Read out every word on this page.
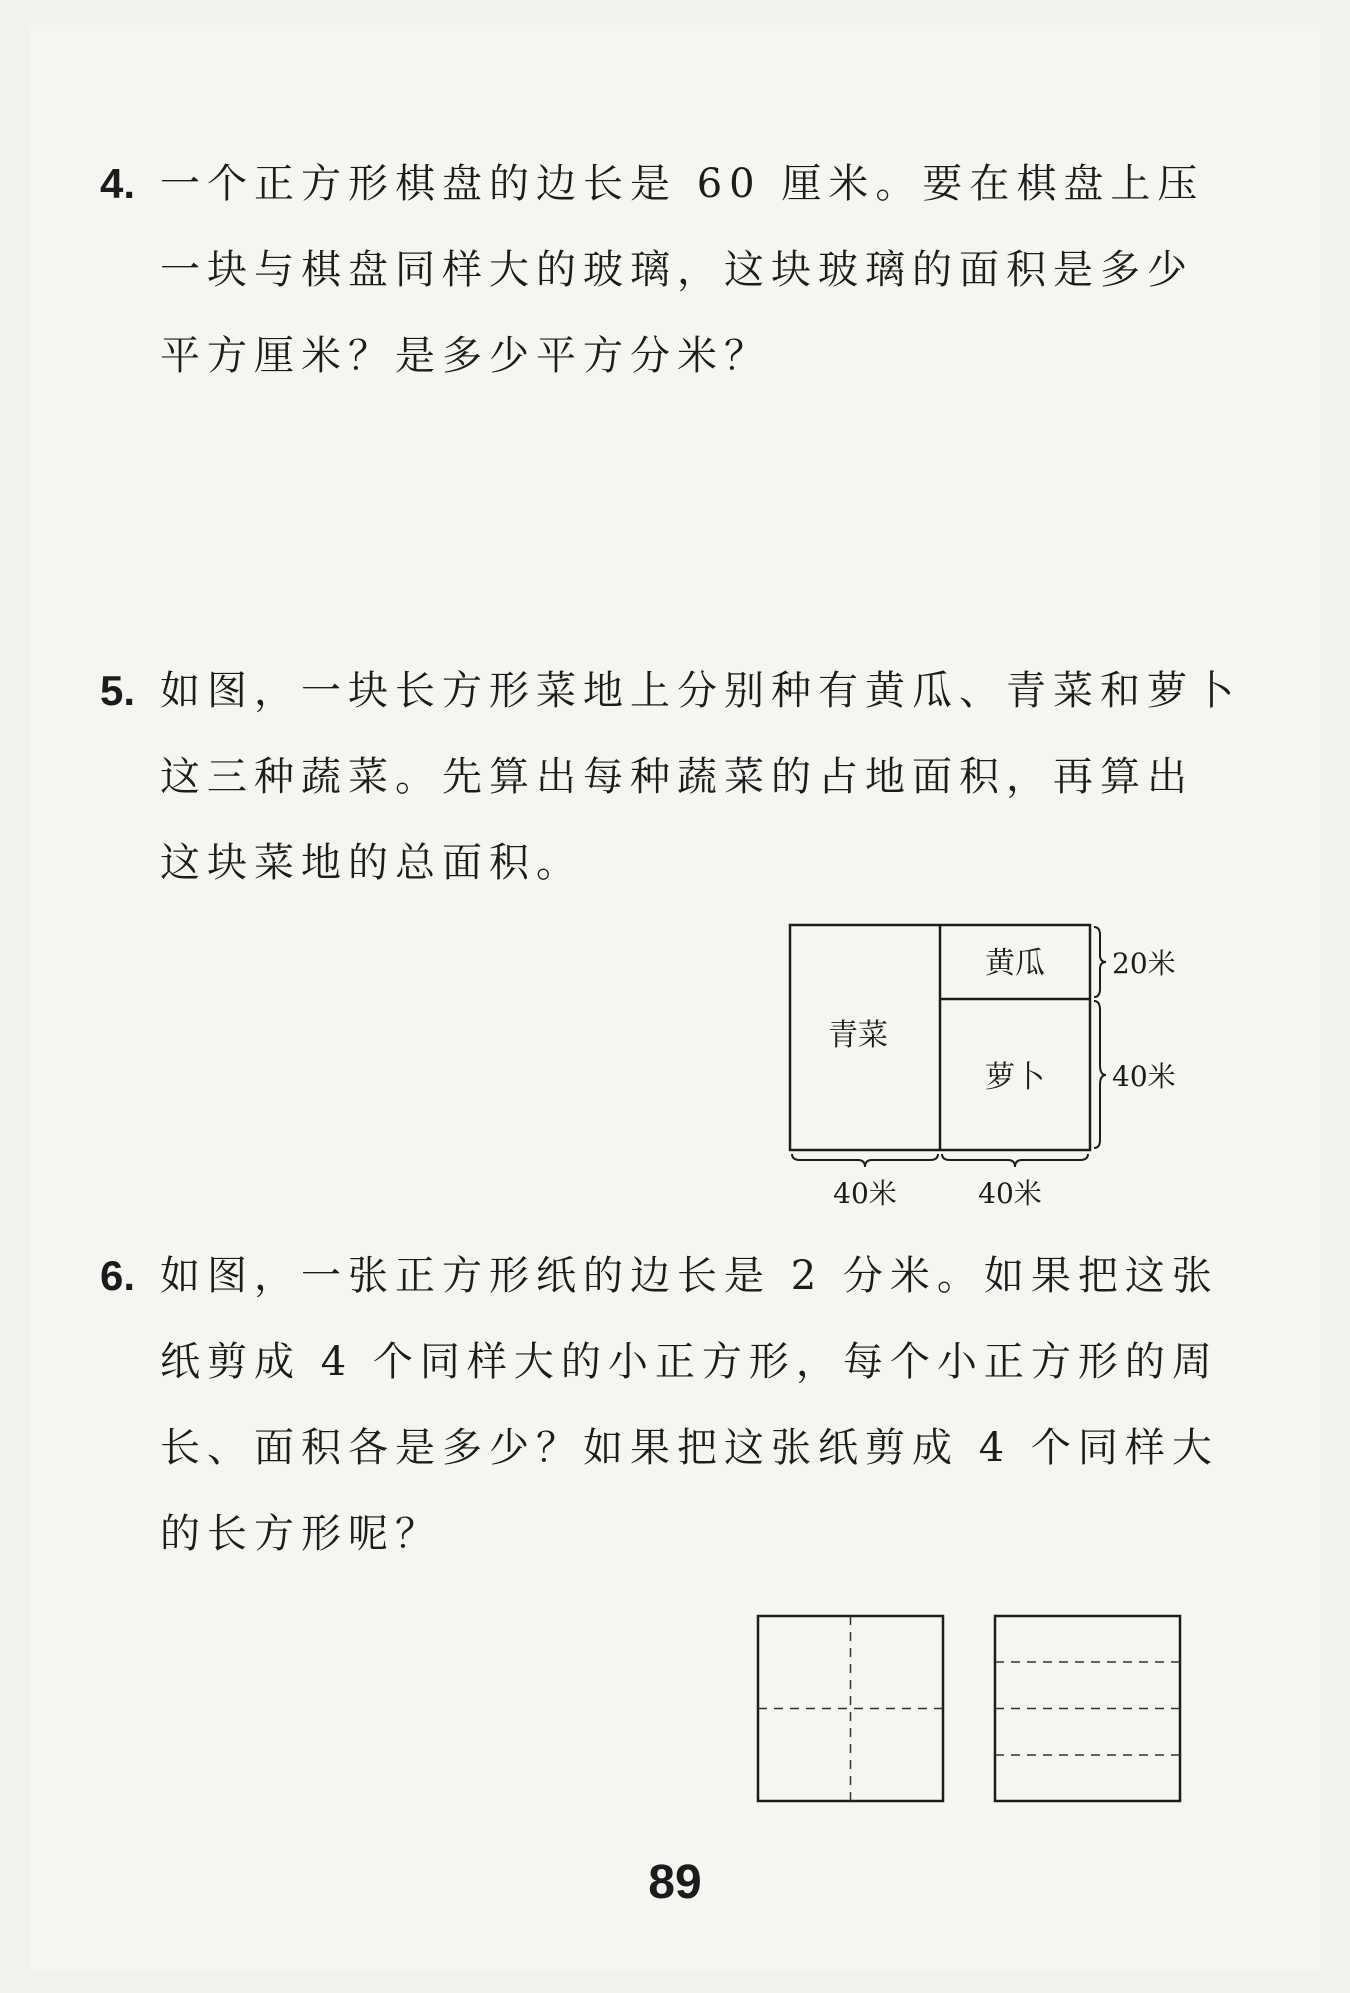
4. 一个正方形棋盘的边长是 60 厘米。要在棋盘上压
一块与棋盘同样大的玻璃，这块玻璃的面积是多少
平方厘米？是多少平方分米？
5. 如图，一块长方形菜地上分别种有黄瓜、青菜和萝卜
这三种蔬菜。先算出每种蔬菜的占地面积，再算出
这块菜地的总面积。
青菜
黄瓜
萝卜
20米
40米
40米	40米
6. 如图，一张正方形纸的边长是 2 分米。如果把这张
纸剪成 4 个同样大的小正方形，每个小正方形的周
长、面积各是多少？如果把这张纸剪成 4 个同样大
的长方形呢？
89
